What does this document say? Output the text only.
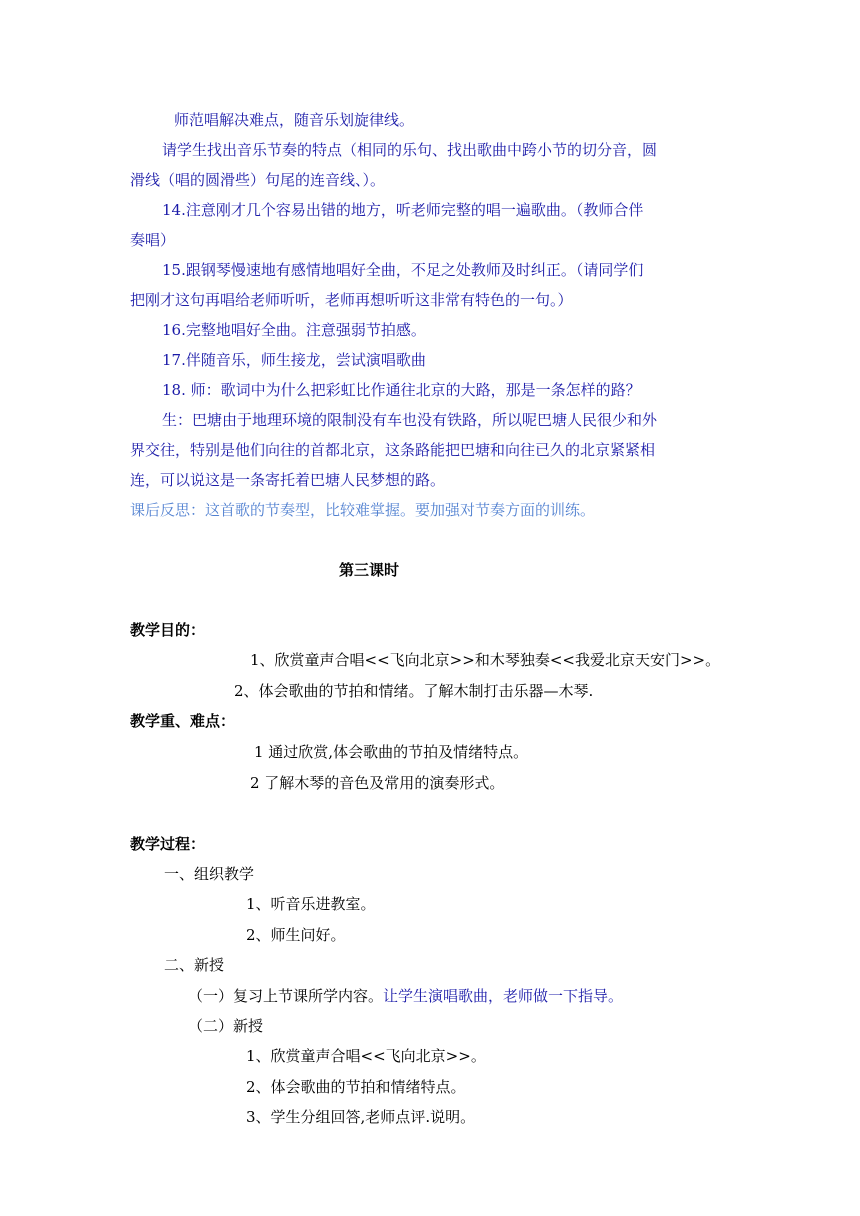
师范唱解决难点，随音乐划旋律线。
请学生找出音乐节奏的特点（相同的乐句、找出歌曲中跨小节的切分音，圆
滑线（唱的圆滑些）句尾的连音线、）。
14.注意刚才几个容易出错的地方，听老师完整的唱一遍歌曲。（教师合伴
奏唱）
15.跟钢琴慢速地有感情地唱好全曲，不足之处教师及时纠正。（请同学们
把刚才这句再唱给老师听听，老师再想听听这非常有特色的一句。）
16.完整地唱好全曲。注意强弱节拍感。
17.伴随音乐，师生接龙，尝试演唱歌曲
18. 师：歌词中为什么把彩虹比作通往北京的大路，那是一条怎样的路？
生：巴塘由于地理环境的限制没有车也没有铁路，所以呢巴塘人民很少和外
界交往，特别是他们向往的首都北京，这条路能把巴塘和向往已久的北京紧紧相
连，可以说这是一条寄托着巴塘人民梦想的路。
课后反思：这首歌的节奏型，比较难掌握。要加强对节奏方面的训练。
第三课时
教学目的：
1、欣赏童声合唱<<飞向北京>>和木琴独奏<<我爱北京天安门>>。
2、体会歌曲的节拍和情绪。了解木制打击乐器—木琴.
教学重、难点：
1 通过欣赏,体会歌曲的节拍及情绪特点。
2 了解木琴的音色及常用的演奏形式。
教学过程：
一、组织教学
1、听音乐进教室。
2、师生问好。
二、新授
（一）复习上节课所学内容。让学生演唱歌曲，老师做一下指导。
（二）新授
1、欣赏童声合唱<<飞向北京>>。
2、体会歌曲的节拍和情绪特点。
3、学生分组回答,老师点评.说明。
